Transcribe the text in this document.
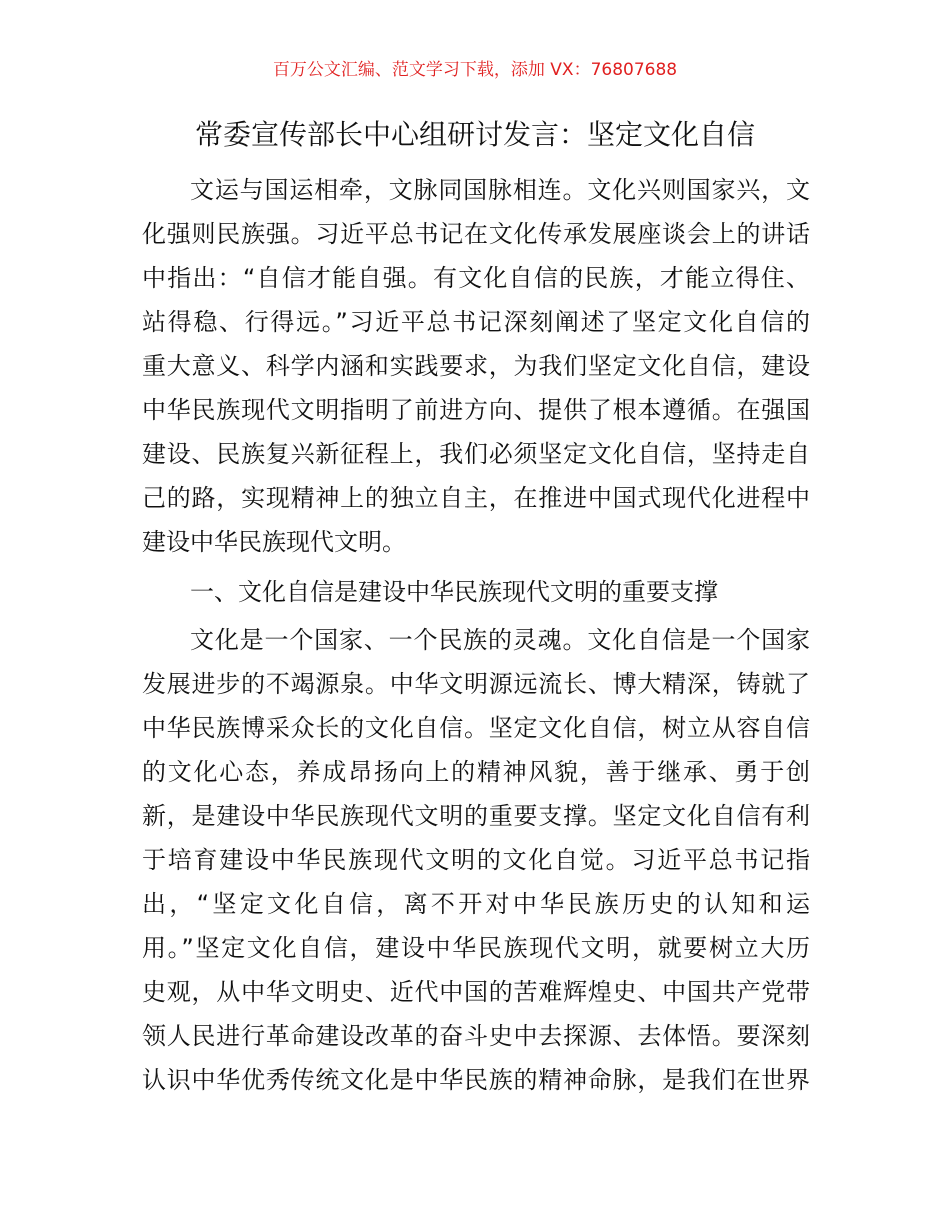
百万公文汇编、范文学习下载，添加 VX：76807688
常委宣传部长中心组研讨发言：坚定文化自信
文运与国运相牵，文脉同国脉相连。文化兴则国家兴，文
化强则民族强。习近平总书记在文化传承发展座谈会上的讲话
中指出：“自信才能自强。有文化自信的民族，才能立得住、
站得稳、行得远。”习近平总书记深刻阐述了坚定文化自信的
重大意义、科学内涵和实践要求，为我们坚定文化自信，建设
中华民族现代文明指明了前进方向、提供了根本遵循。在强国
建设、民族复兴新征程上，我们必须坚定文化自信，坚持走自
己的路，实现精神上的独立自主，在推进中国式现代化进程中
建设中华民族现代文明。
一、文化自信是建设中华民族现代文明的重要支撑
文化是一个国家、一个民族的灵魂。文化自信是一个国家
发展进步的不竭源泉。中华文明源远流长、博大精深，铸就了
中华民族博采众长的文化自信。坚定文化自信，树立从容自信
的文化心态，养成昂扬向上的精神风貌，善于继承、勇于创
新，是建设中华民族现代文明的重要支撑。坚定文化自信有利
于培育建设中华民族现代文明的文化自觉。习近平总书记指
出，“坚定文化自信，离不开对中华民族历史的认知和运
用。”坚定文化自信，建设中华民族现代文明，就要树立大历
史观，从中华文明史、近代中国的苦难辉煌史、中国共产党带
领人民进行革命建设改革的奋斗史中去探源、去体悟。要深刻
认识中华优秀传统文化是中华民族的精神命脉，是我们在世界
